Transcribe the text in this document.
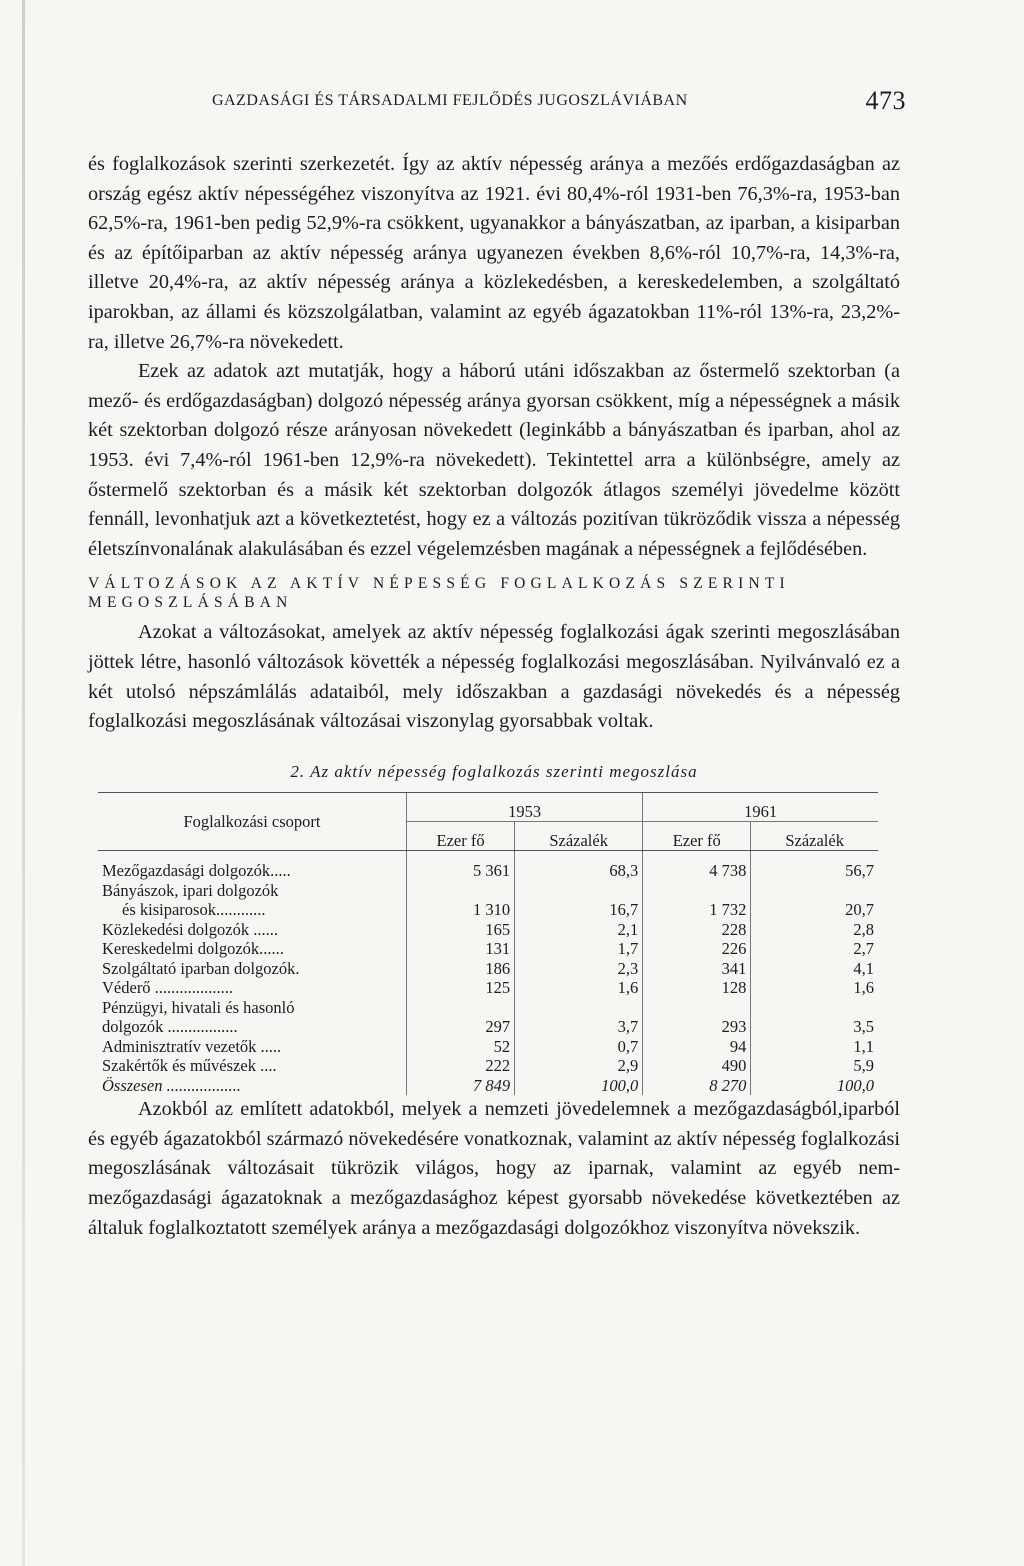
GAZDASÁGI ÉS TÁRSADALMI FEJLŐDÉS JUGOSZLÁVIÁBAN	473

és foglalkozások szerinti szerkezetét. Így az aktív népesség aránya a mezőés erdőgazdaságban az ország egész aktív népességéhez viszonyítva az 1921. évi 80,4%-ról 1931-ben 76,3%-ra, 1953-ban 62,5%-ra, 1961-ben pedig 52,9%-ra csökkent, ugyanakkor a bányászatban, az iparban, a kisiparban és az építőiparban az aktív népesség aránya ugyanezen években 8,6%-ról 10,7%-ra, 14,3%-ra, illetve 20,4%-ra, az aktív népesség aránya a közlekedésben, a kereskedelemben, a szolgáltató iparokban, az állami és közszolgálatban, valamint az egyéb ágazatokban 11%-ról 13%-ra, 23,2%-ra, illetve 26,7%-ra növekedett.

Ezek az adatok azt mutatják, hogy a háború utáni időszakban az őstermelő szektorban (a mező- és erdőgazdaságban) dolgozó népesség aránya gyorsan csökkent, míg a népességnek a másik két szektorban dolgozó része arányosan növekedett (leginkább a bányászatban és iparban, ahol az 1953. évi 7,4%-ról 1961-ben 12,9%-ra növekedett). Tekintettel arra a különbségre, amely az őstermelő szektorban és a másik két szektorban dolgozók átlagos személyi jövedelme között fennáll, levonhatjuk azt a következtetést, hogy ez a változás pozitívan tükröződik vissza a népesség életszínvonalának alakulásában és ezzel végelemzésben magának a népességnek a fejlődésében.

VÁLTOZÁSOK AZ AKTÍV NÉPESSÉG FOGLALKOZÁS SZERINTI MEGOSZLÁSÁBAN

Azokat a változásokat, amelyek az aktív népesség foglalkozási ágak szerinti megoszlásában jöttek létre, hasonló változások követték a népesség foglalkozási megoszlásában. Nyilvánvaló ez a két utolsó népszámlálás adataiból, mely időszakban a gazdasági növekedés és a népesség foglalkozási megoszlásának változásai viszonylag gyorsabbak voltak.

2. Az aktív népesség foglalkozás szerinti megoszlása
Foglalkozási csoport	1953		1961	
	Ezer fő	Százalék	Ezer fő	Százalék
Mezőgazdasági dolgozók.....	5 361	68,3	4 738	56,7
Bányászok, ipari dolgozók				
és kisiparosok............	1 310	16,7	1 732	20,7
Közlekedési dolgozók ......	165	2,1	228	2,8
Kereskedelmi dolgozók......	131	1,7	226	2,7
Szolgáltató iparban dolgozók.	186	2,3	341	4,1
Véderő ...................	125	1,6	128	1,6
Pénzügyi, hivatali és hasonló				
dolgozók .................	297	3,7	293	3,5
Adminisztratív vezetők .....	52	0,7	94	1,1
Szakértők és művészek ....	222	2,9	490	5,9
Összesen ..................	7 849	100,0	8 270	100,0

Azokból az említett adatokból, melyek a nemzeti jövedelemnek a mezőgazdaságból,iparból és egyéb ágazatokból származó növekedésére vonatkoznak, valamint az aktív népesség foglalkozási megoszlásának változásait tükrözik világos, hogy az iparnak, valamint az egyéb nem-mezőgazdasági ágazatoknak a mezőgazdasághoz képest gyorsabb növekedése következtében az általuk foglalkoztatott személyek aránya a mezőgazdasági dolgozókhoz viszonyítva növekszik.
